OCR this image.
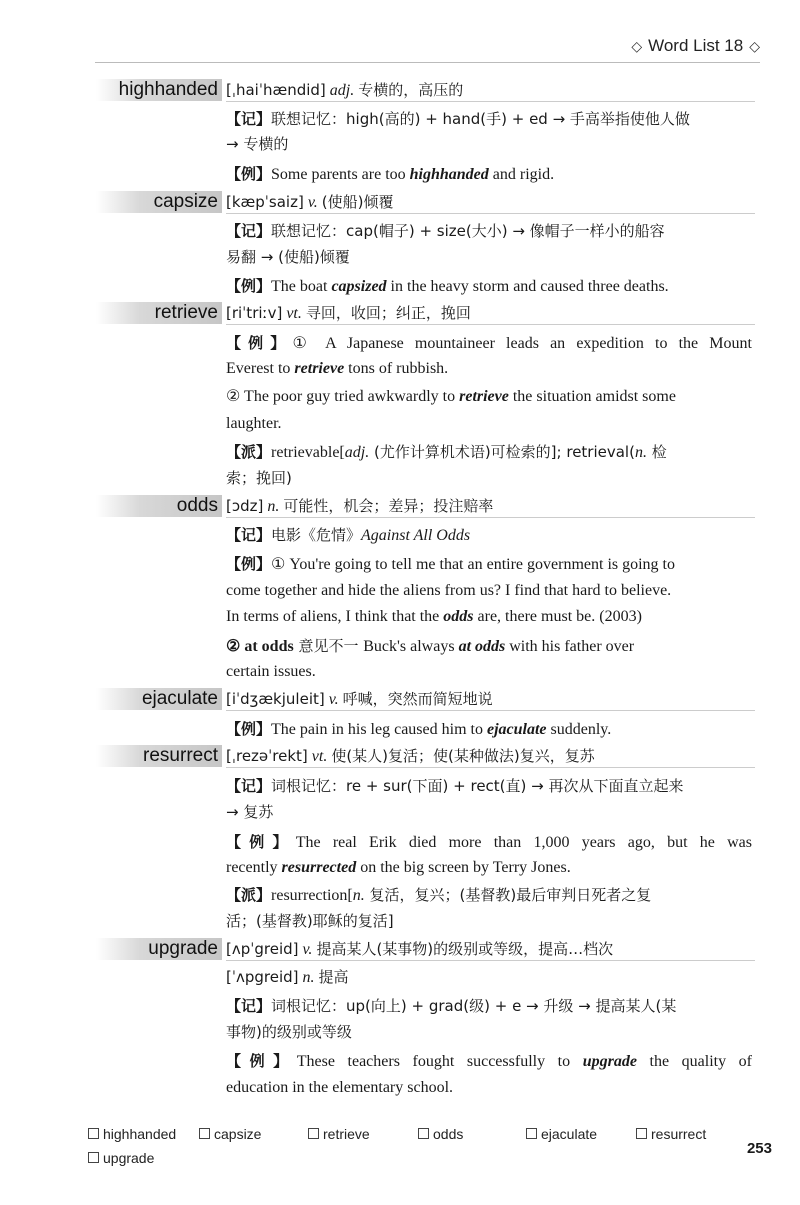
◇ Word List 18 ◇
highhanded [ˌhaiˈhændid] adj. 专横的，高压的
【记】联想记忆：high(高的) + hand(手) + ed → 手高举指使他人做
→ 专横的
【例】Some parents are too highhanded and rigid.
capsize [kæpˈsaiz] v. (使船)倾覆
【记】联想记忆：cap(帽子) + size(大小) → 像帽子一样小的船容
易翻 → (使船)倾覆
【例】The boat capsized in the heavy storm and caused three deaths.
retrieve [riˈtriːv] vt. 寻回，收回；纠正，挽回
【例】① A Japanese mountaineer leads an expedition to the Mount
Everest to retrieve tons of rubbish.
② The poor guy tried awkwardly to retrieve the situation amidst some
laughter.
【派】retrievable[adj. (尤作计算机术语)可检索的]; retrieval(n. 检
索；挽回)
odds [ɔdz] n. 可能性，机会；差异；投注赔率
【记】电影《危情》Against All Odds
【例】① You're going to tell me that an entire government is going to
come together and hide the aliens from us? I find that hard to believe.
In terms of aliens, I think that the odds are, there must be. (2003)
② at odds 意见不一 Buck's always at odds with his father over
certain issues.
ejaculate [iˈdʒækjuleit] v. 呼喊，突然而简短地说
【例】The pain in his leg caused him to ejaculate suddenly.
resurrect [ˌrezəˈrekt] vt. 使(某人)复活；使(某种做法)复兴，复苏
【记】词根记忆：re + sur(下面) + rect(直) → 再次从下面直立起来
→ 复苏
【例】The real Erik died more than 1,000 years ago, but he was
recently resurrected on the big screen by Terry Jones.
【派】resurrection[n. 复活，复兴；(基督教)最后审判日死者之复
活；(基督教)耶稣的复活]
upgrade [ʌpˈgreid] v. 提高某人(某事物)的级别或等级，提高…档次
[ˈʌpgreid] n. 提高
【记】词根记忆：up(向上) + grad(级) + e → 升级 → 提高某人(某
事物)的级别或等级
【例】These teachers fought successfully to upgrade the quality of
education in the elementary school.
highhanded	capsize	retrieve	odds	ejaculate	resurrect
upgrade
253
